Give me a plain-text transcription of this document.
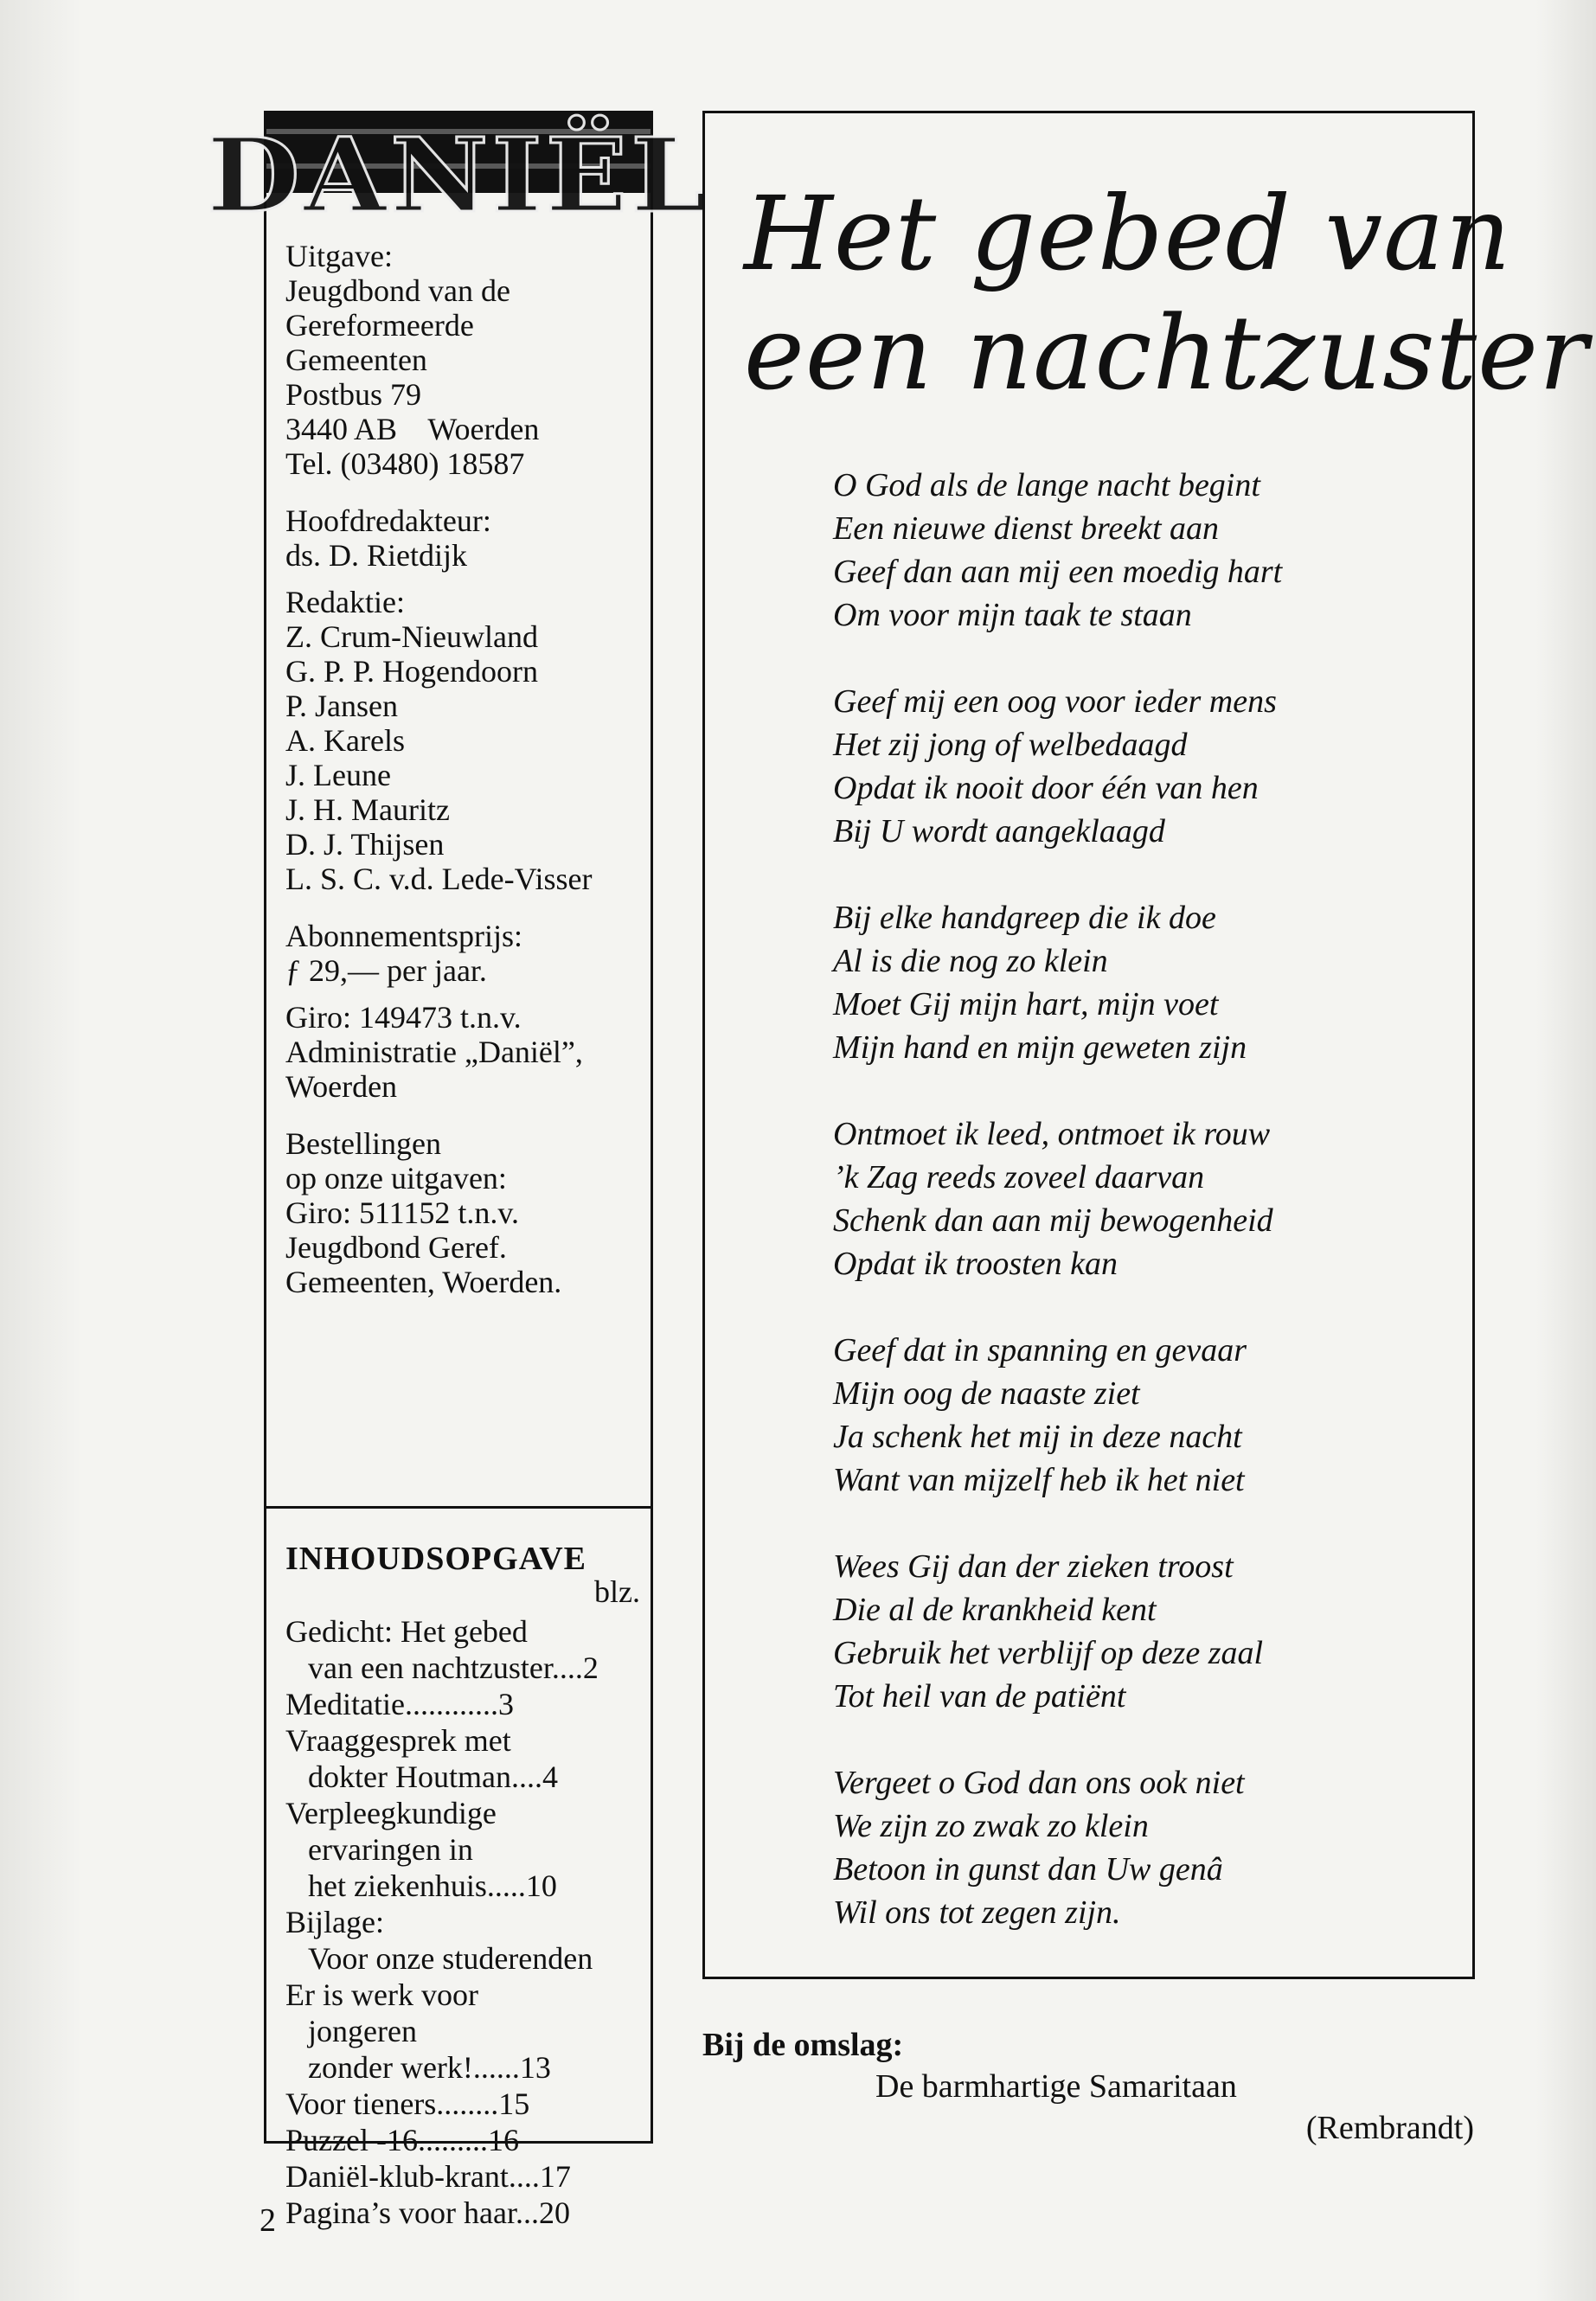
DANIËL
Uitgave:
Jeugdbond van de
Gereformeerde
Gemeenten
Postbus 79
3440 AB    Woerden
Tel. (03480) 18587
Hoofdredakteur:
ds. D. Rietdijk
Redaktie:
Z. Crum-Nieuwland
G. P. P. Hogendoorn
P. Jansen
A. Karels
J. Leune
J. H. Mauritz
D. J. Thijsen
L. S. C. v.d. Lede-Visser
Abonnementsprijs:
ƒ 29,— per jaar.
Giro: 149473 t.n.v.
Administratie „Daniël”,
Woerden
Bestellingen
op onze uitgaven:
Giro: 511152 t.n.v.
Jeugdbond Geref.
Gemeenten, Woerden.
INHOUDSOPGAVE
blz.
Gedicht: Het gebed
van een nachtzuster....2
Meditatie............3
Vraaggesprek met
dokter Houtman....4
Verpleegkundige
ervaringen in
het ziekenhuis.....10
Bijlage:
Voor onze studerenden
Er is werk voor
jongeren
zonder werk!......13
Voor tieners........15
Puzzel -16.........16
Daniël-klub-krant....17
Pagina’s voor haar...20
Het gebed van
een nachtzuster
O God als de lange nacht begint
Een nieuwe dienst breekt aan
Geef dan aan mij een moedig hart
Om voor mijn taak te staan
Geef mij een oog voor ieder mens
Het zij jong of welbedaagd
Opdat ik nooit door één van hen
Bij U wordt aangeklaagd
Bij elke handgreep die ik doe
Al is die nog zo klein
Moet Gij mijn hart, mijn voet
Mijn hand en mijn geweten zijn
Ontmoet ik leed, ontmoet ik rouw
’k Zag reeds zoveel daarvan
Schenk dan aan mij bewogenheid
Opdat ik troosten kan
Geef dat in spanning en gevaar
Mijn oog de naaste ziet
Ja schenk het mij in deze nacht
Want van mijzelf heb ik het niet
Wees Gij dan der zieken troost
Die al de krankheid kent
Gebruik het verblijf op deze zaal
Tot heil van de patiënt
Vergeet o God dan ons ook niet
We zijn zo zwak zo klein
Betoon in gunst dan Uw genâ
Wil ons tot zegen zijn.
Bij de omslag:
De barmhartige Samaritaan
(Rembrandt)
2
